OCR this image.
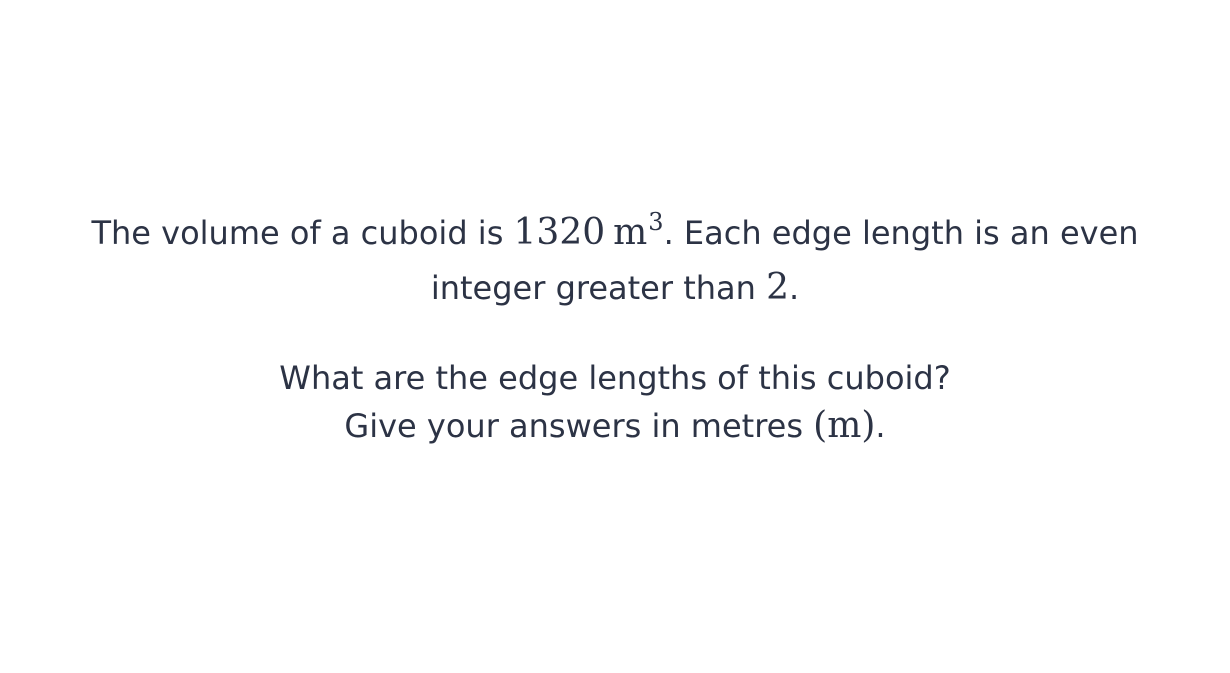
The volume of a cuboid is 1320 $m^3$. Each edge length is an even
integer greater than 2.
What are the edge lengths of this cuboid?
Give your answers in metres (m).
